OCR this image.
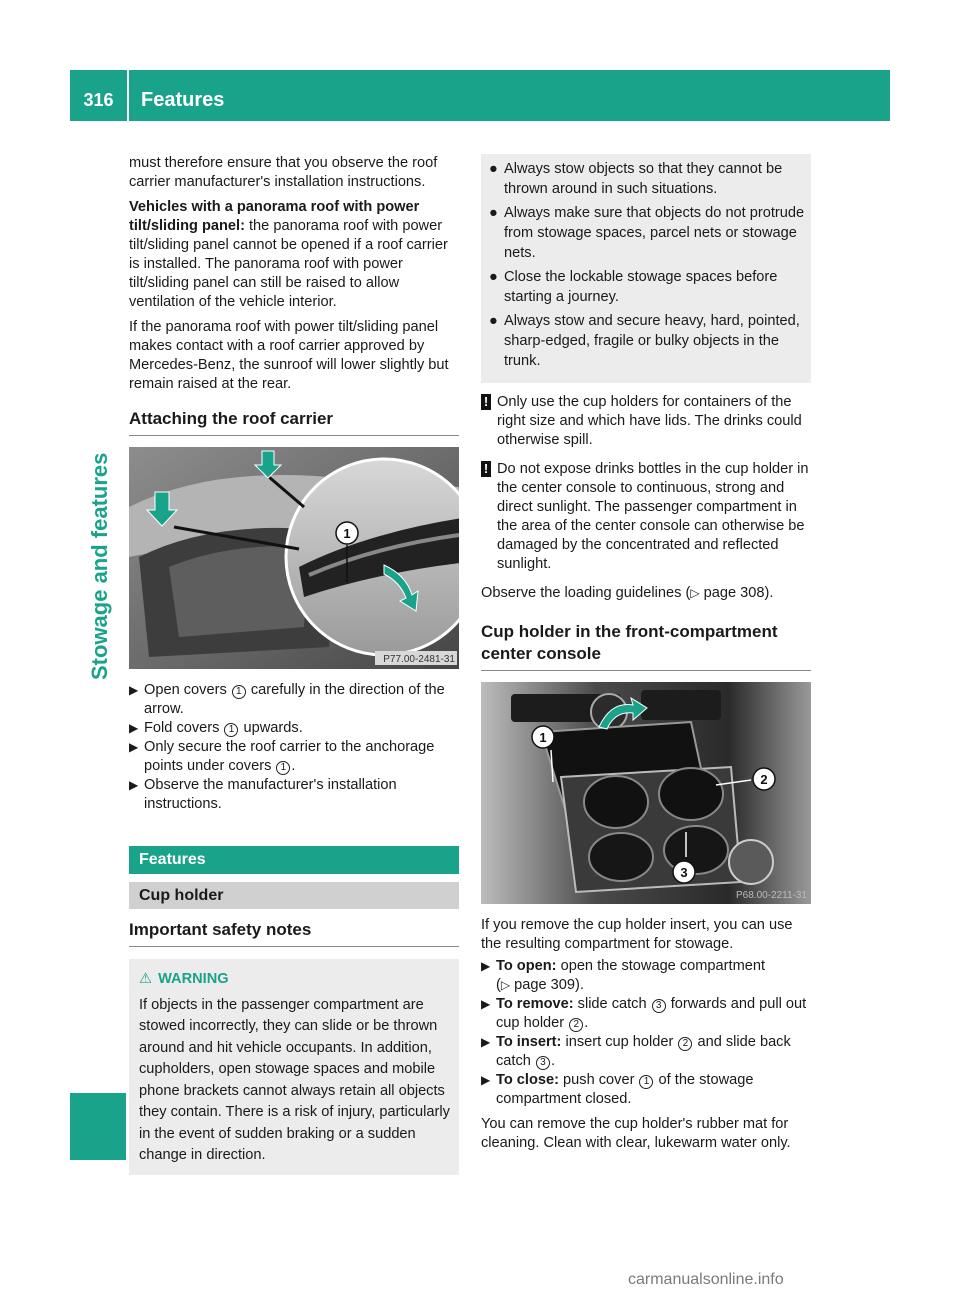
316	Features
Stowage and features

must therefore ensure that you observe the roof carrier manufacturer's installation instructions.

Vehicles with a panorama roof with power tilt/sliding panel: the panorama roof with power tilt/sliding panel cannot be opened if a roof carrier is installed. The panorama roof with power tilt/sliding panel can still be raised to allow ventilation of the vehicle interior.

If the panorama roof with power tilt/sliding panel makes contact with a roof carrier approved by Mercedes-Benz, the sunroof will lower slightly but remain raised at the rear.

Attaching the roof carrier
1
P77.00-2481-31
▶ Open covers 1 carefully in the direction of the arrow.
▶ Fold covers 1 upwards.
▶ Only secure the roof carrier to the anchorage points under covers 1 .
▶ Observe the manufacturer's installation instructions.
Features
Cup holder
Important safety notes
⚠ WARNING
If objects in the passenger compartment are stowed incorrectly, they can slide or be thrown around and hit vehicle occupants. In addition, cupholders, open stowage spaces and mobile phone brackets cannot always retain all objects they contain. There is a risk of injury, particularly in the event of sudden braking or a sudden change in direction.
● Always stow objects so that they cannot be thrown around in such situations.
● Always make sure that objects do not protrude from stowage spaces, parcel nets or stowage nets.
● Close the lockable stowage spaces before starting a journey.
● Always stow and secure heavy, hard, pointed, sharp-edged, fragile or bulky objects in the trunk.
! Only use the cup holders for containers of the right size and which have lids. The drinks could otherwise spill.
! Do not expose drinks bottles in the cup holder in the center console to continuous, strong and direct sunlight. The passenger compartment in the area of the center console can otherwise be damaged by the concentrated and reflected sunlight.

Observe the loading guidelines (▷ page 308).

Cup holder in the front-compartment center console
1
2
3
P68.00-2211-31

If you remove the cup holder insert, you can use the resulting compartment for stowage.

▶ To open: open the stowage compartment
(▷ page 309).
▶ To remove: slide catch 3 forwards and pull out cup holder 2 .
▶ To insert: insert cup holder 2 and slide back catch 3 .
▶ To close: push cover 1 of the stowage compartment closed.

You can remove the cup holder's rubber mat for cleaning. Clean with clear, lukewarm water only.

carmanualsonline.info
